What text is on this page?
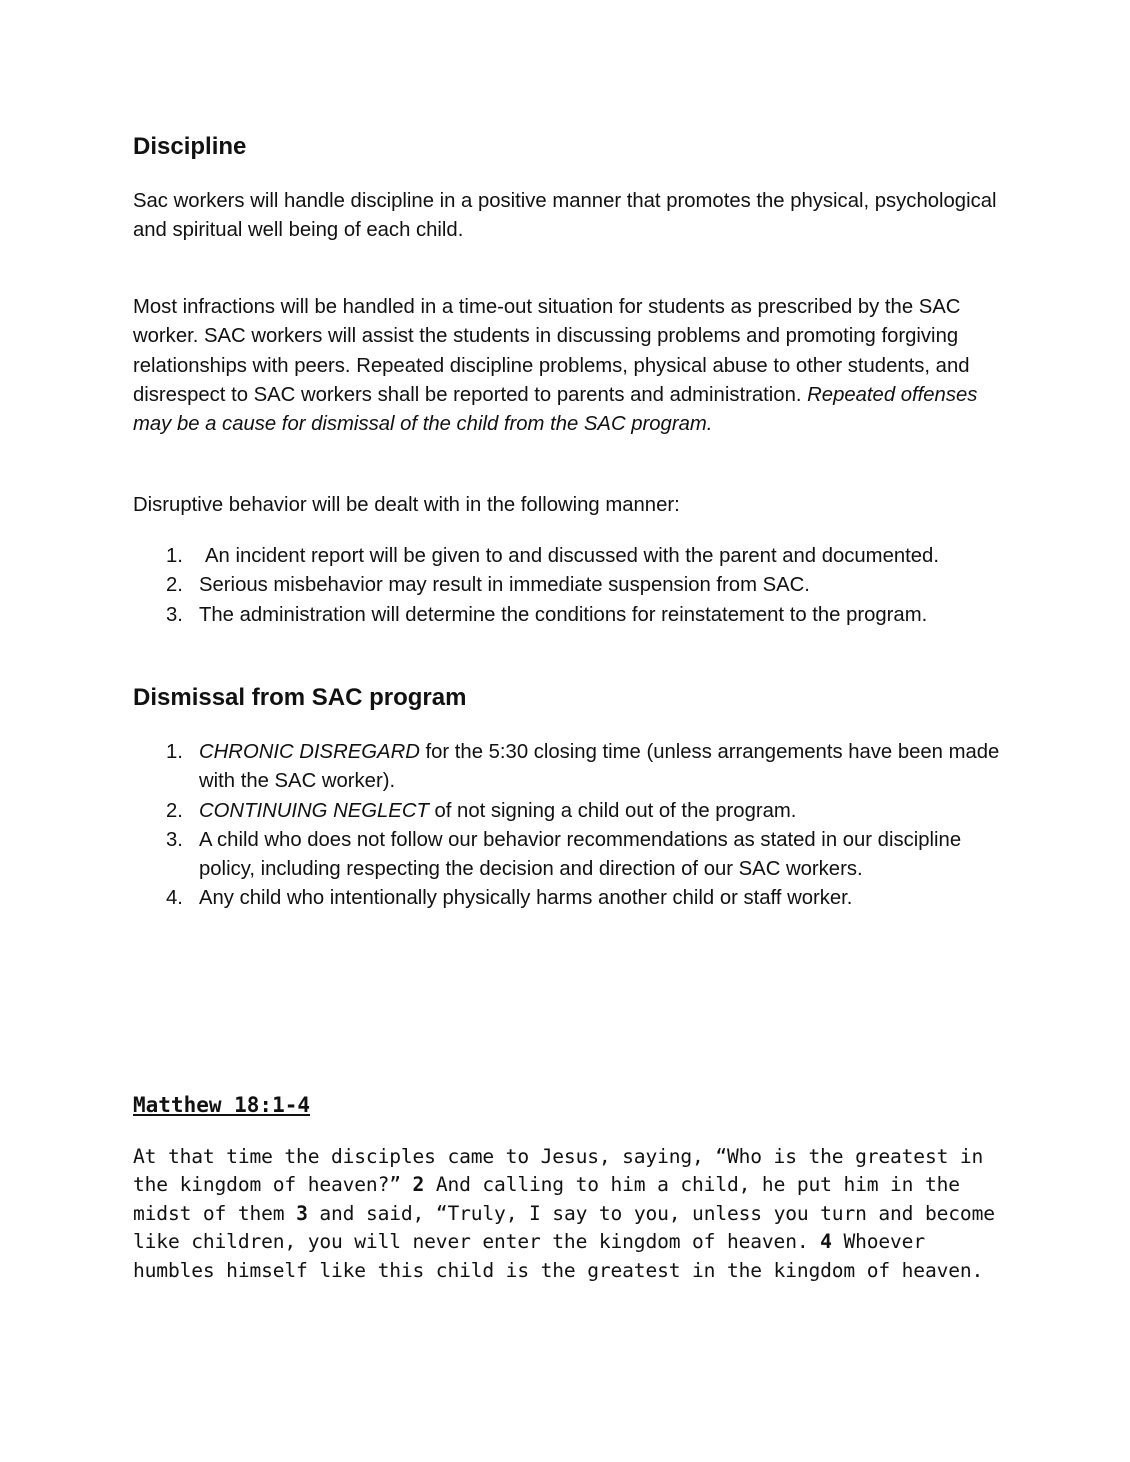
Discipline

Sac workers will handle discipline in a positive manner that promotes the physical, psychological and spiritual well being of each child.

Most infractions will be handled in a time-out situation for students as prescribed by the SAC worker. SAC workers will assist the students in discussing problems and promoting forgiving relationships with peers. Repeated discipline problems, physical abuse to other students, and disrespect to SAC workers shall be reported to parents and administration. Repeated offenses may be a cause for dismissal of the child from the SAC program.

Disruptive behavior will be dealt with in the following manner:

1. An incident report will be given to and discussed with the parent and documented.
2. Serious misbehavior may result in immediate suspension from SAC.
3. The administration will determine the conditions for reinstatement to the program.
Dismissal from SAC program
1. CHRONIC DISREGARD for the 5:30 closing time (unless arrangements have been made with the SAC worker).
2. CONTINUING NEGLECT of not signing a child out of the program.
3. A child who does not follow our behavior recommendations as stated in our discipline policy, including respecting the decision and direction of our SAC workers.
4. Any child who intentionally physically harms another child or staff worker.
Matthew 18:1-4

At that time the disciples came to Jesus, saying, “Who is the greatest in the kingdom of heaven?” 2 And calling to him a child, he put him in the midst of them 3 and said, “Truly, I say to you, unless you turn and become like children, you will never enter the kingdom of heaven. 4 Whoever humbles himself like this child is the greatest in the kingdom of heaven.
